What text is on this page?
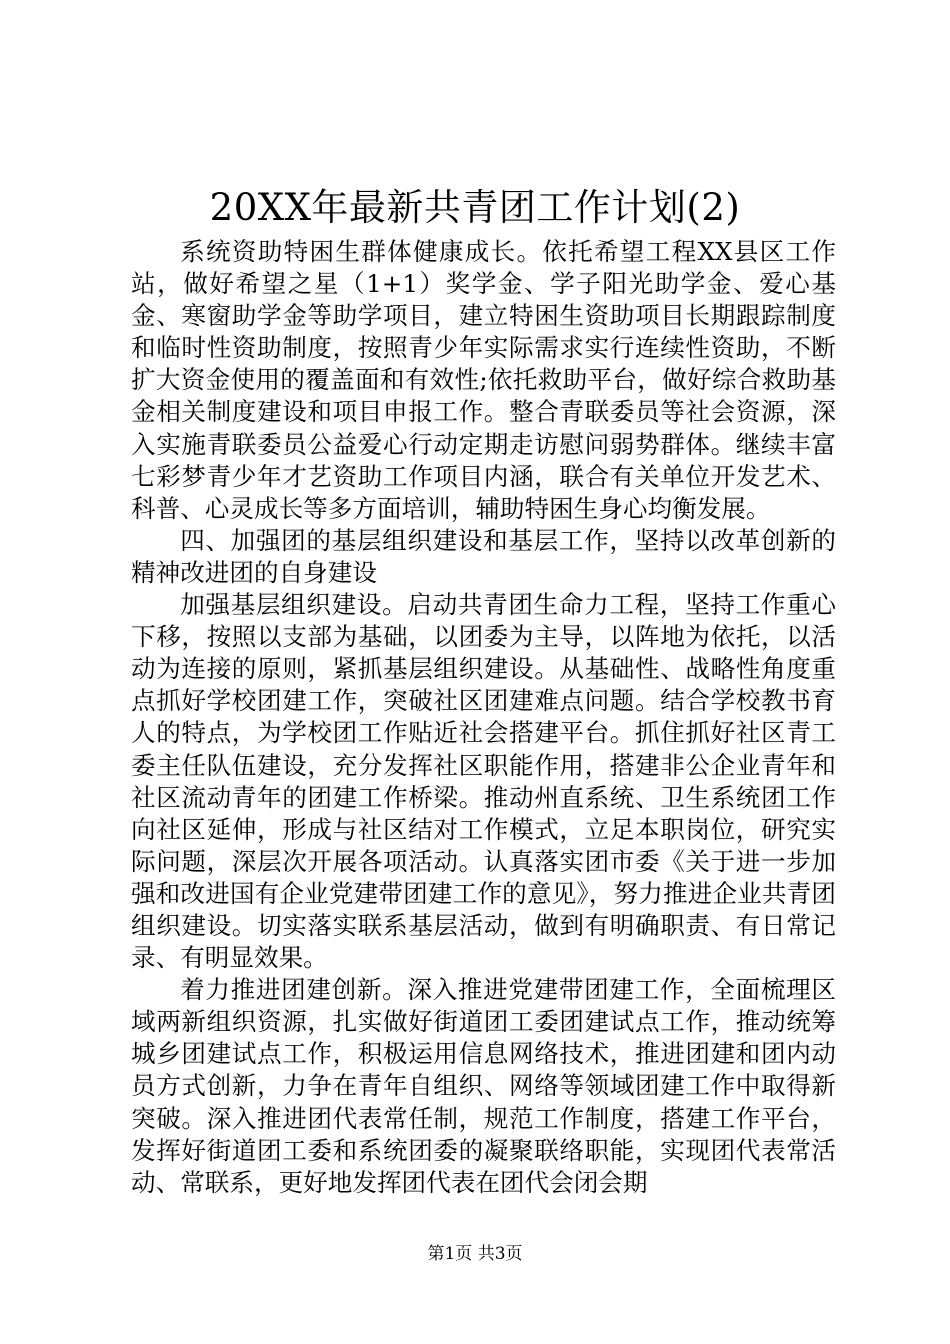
20XX年最新共青团工作计划(2)

系统资助特困生群体健康成长。依托希望工程XX县区工作站，做好希望之星（1+1）奖学金、学子阳光助学金、爱心基金、寒窗助学金等助学项目，建立特困生资助项目长期跟踪制度和临时性资助制度，按照青少年实际需求实行连续性资助，不断扩大资金使用的覆盖面和有效性;依托救助平台，做好综合救助基金相关制度建设和项目申报工作。整合青联委员等社会资源，深入实施青联委员公益爱心行动定期走访慰问弱势群体。继续丰富七彩梦青少年才艺资助工作项目内涵，联合有关单位开发艺术、科普、心灵成长等多方面培训，辅助特困生身心均衡发展。

四、加强团的基层组织建设和基层工作，坚持以改革创新的精神改进团的自身建设

加强基层组织建设。启动共青团生命力工程，坚持工作重心下移，按照以支部为基础，以团委为主导，以阵地为依托，以活动为连接的原则，紧抓基层组织建设。从基础性、战略性角度重点抓好学校团建工作，突破社区团建难点问题。结合学校教书育人的特点，为学校团工作贴近社会搭建平台。抓住抓好社区青工委主任队伍建设，充分发挥社区职能作用，搭建非公企业青年和社区流动青年的团建工作桥梁。推动州直系统、卫生系统团工作向社区延伸，形成与社区结对工作模式，立足本职岗位，研究实际问题，深层次开展各项活动。认真落实团市委《关于进一步加强和改进国有企业党建带团建工作的意见》，努力推进企业共青团组织建设。切实落实联系基层活动，做到有明确职责、有日常记录、有明显效果。

着力推进团建创新。深入推进党建带团建工作，全面梳理区域两新组织资源，扎实做好街道团工委团建试点工作，推动统筹城乡团建试点工作，积极运用信息网络技术，推进团建和团内动员方式创新，力争在青年自组织、网络等领域团建工作中取得新突破。深入推进团代表常任制，规范工作制度，搭建工作平台，发挥好街道团工委和系统团委的凝聚联络职能，实现团代表常活动、常联系，更好地发挥团代表在团代会闭会期

第1页 共3页
